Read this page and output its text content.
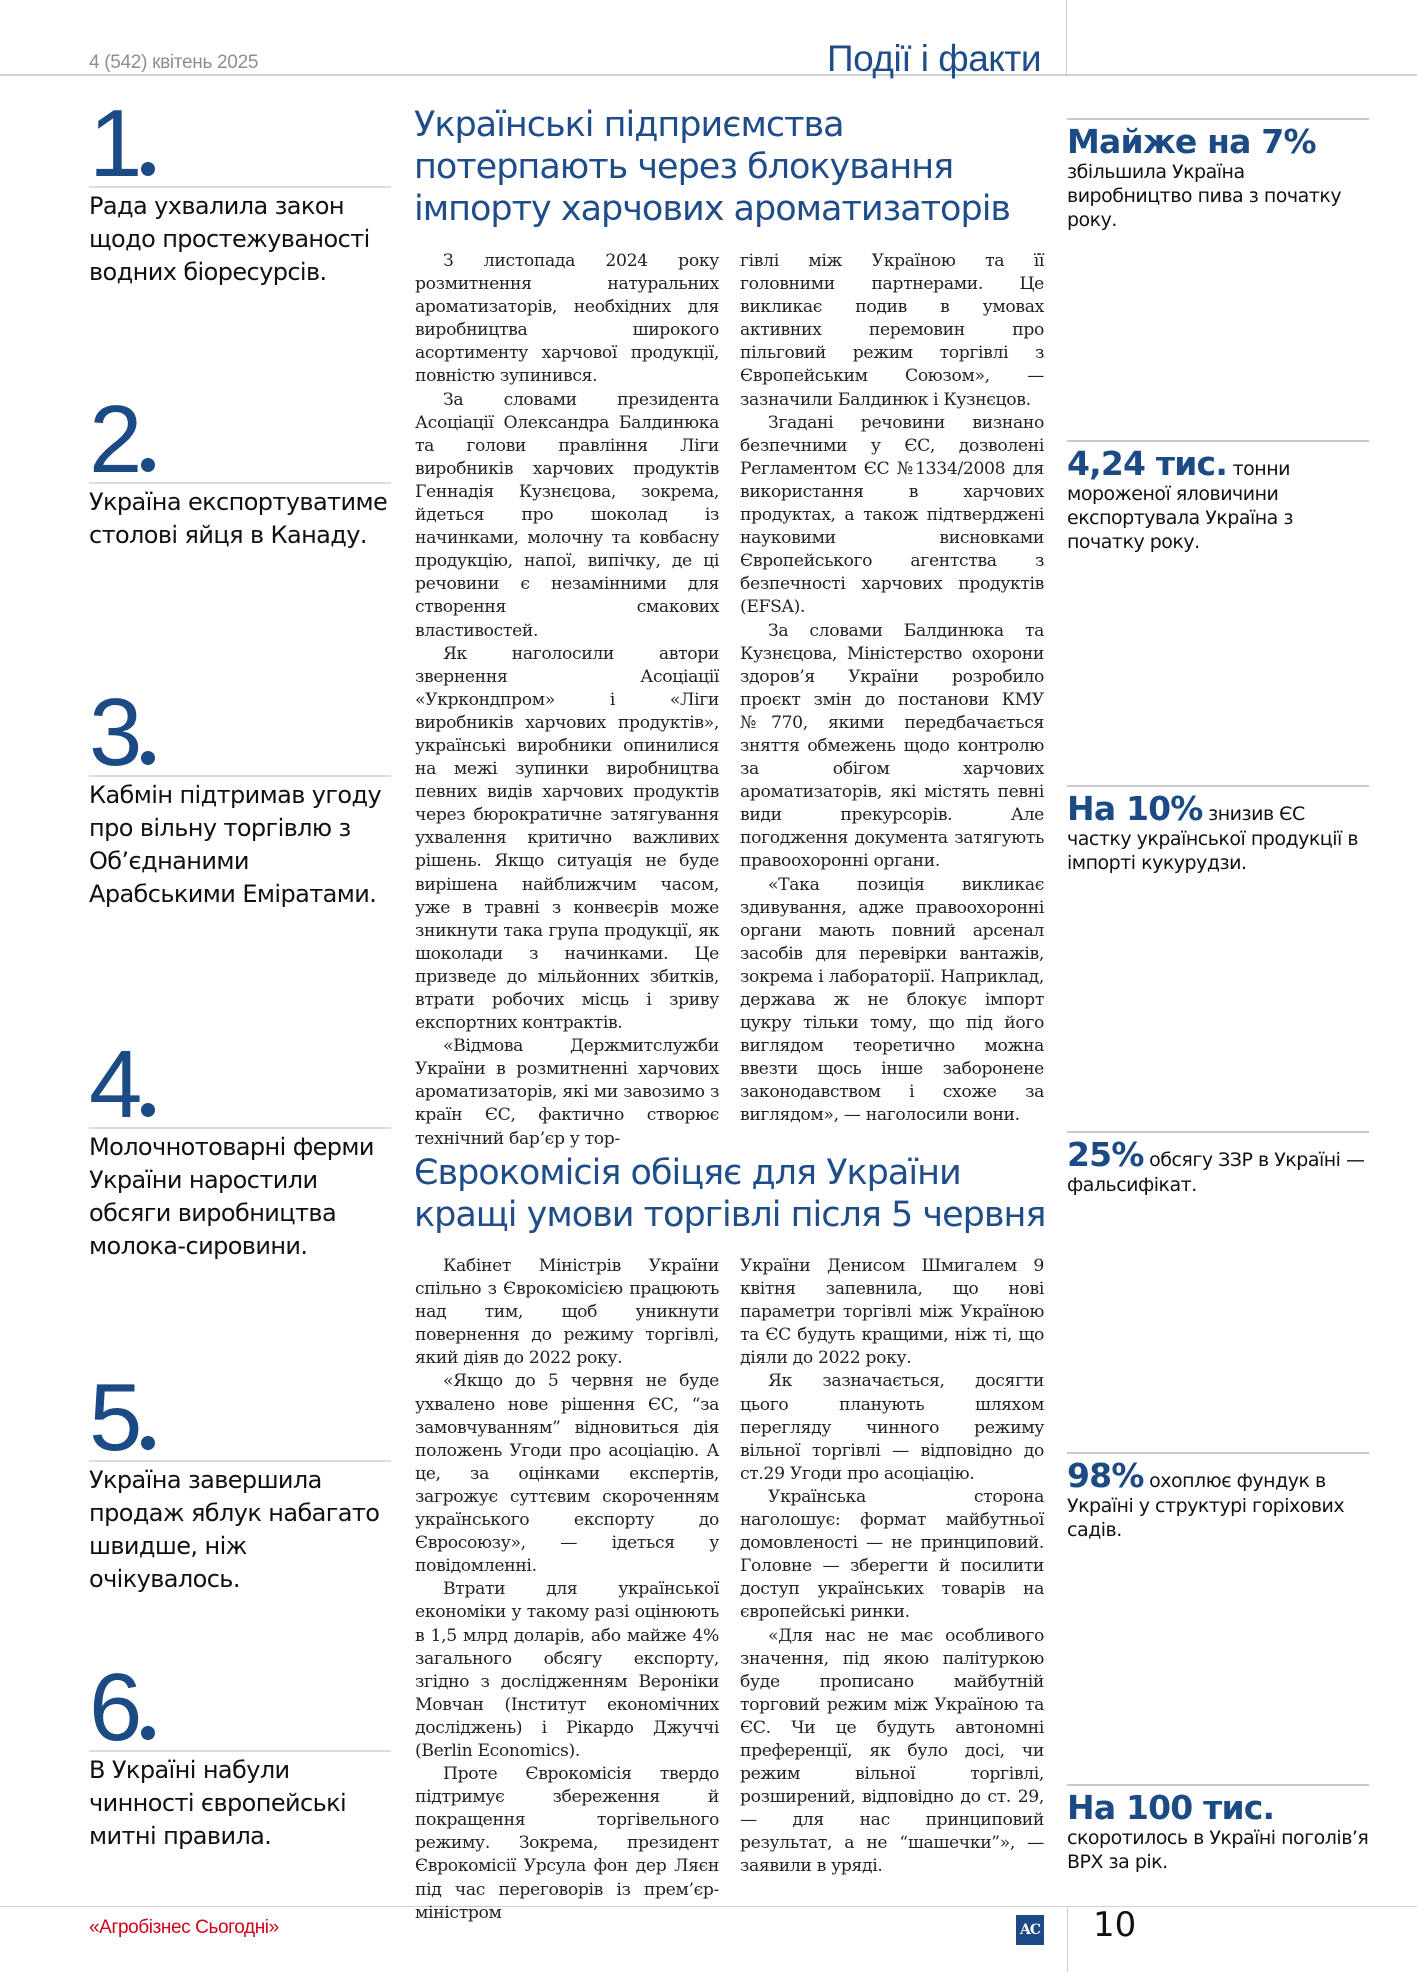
4 (542) квітень 2025	Події і факти
1
Рада ухвалила закон щодо простежуваності водних біоресурсів.
2
Україна експортуватиме столові яйця в Канаду.
3
Кабмін підтримав угоду про вільну торгівлю з Об’єднаними Арабськими Еміратами.
4
Молочнотоварні ферми України наростили обсяги виробництва молока-сировини.
5
Україна завершила продаж яблук набагато швидше, ніж очікувалось.
6
В Україні набули чинності європейські митні правила.
Українські підприємства потерпають через блокування імпорту харчових ароматизаторів

З листопада 2024 року розмитнення натуральних ароматизаторів, необхідних для виробництва широкого асортименту харчової продукції, повністю зупинився.

За словами президента Асоціації Олександра Балдинюка та голови правління Ліги виробників харчових продуктів Геннадія Кузнєцова, зокрема, йдеться про шоколад із начинками, молочну та ковбасну продукцію, напої, випічку, де ці речовини є незамінними для створення смакових властивостей.

Як наголосили автори звернення Асоціації «Укркондпром» і «Ліги виробників харчових продуктів», українські виробники опинилися на межі зупинки виробництва певних видів харчових продуктів через бюрократичне затягування ухвалення критично важливих рішень. Якщо ситуація не буде вирішена найближчим часом, уже в травні з конвеєрів може зникнути така група продукції, як шоколади з начинками. Це призведе до мільйонних збитків, втрати робочих місць і зриву експортних контрактів.

«Відмова Держмитслужби України в розмитненні харчових ароматизаторів, які ми завозимо з країн ЄС, фактично створює технічний бар’єр у тор-

гівлі між Україною та її головними партнерами. Це викликає подив в умовах активних перемовин про пільговий режим торгівлі з Європейським Союзом», — зазначили Балдинюк і Кузнєцов.

Згадані речовини визнано безпечними у ЄС, дозволені Регламентом ЄС №1334/2008 для використання в харчових продуктах, а також підтверджені науковими висновками Європейського агентства з безпечності харчових продуктів (EFSA).

За словами Балдинюка та Кузнєцова, Міністерство охорони здоров’я України розробило проєкт змін до постанови КМУ №770, якими передбачається зняття обмежень щодо контролю за обігом харчових ароматизаторів, які містять певні види прекурсорів. Але погодження документа затягують правоохоронні органи.

«Така позиція викликає здивування, адже правоохоронні органи мають повний арсенал засобів для перевірки вантажів, зокрема і лабораторії. Наприклад, держава ж не блокує імпорт цукру тільки тому, що під його виглядом теоретично можна ввезти щось інше заборонене законодавством і схоже за виглядом», — наголосили вони.

Єврокомісія обіцяє для України кращі умови торгівлі після 5 червня

Кабінет Міністрів України спільно з Єврокомісією працюють над тим, щоб уникнути повернення до режиму торгівлі, який діяв до 2022 року.

«Якщо до 5 червня не буде ухвалено нове рішення ЄС, “за замовчуванням” відновиться дія положень Угоди про асоціацію. А це, за оцінками експертів, загрожує суттєвим скороченням українського експорту до Євросоюзу», — ідеться у повідомленні.

Втрати для української економіки у такому разі оцінюють в 1,5 млрд доларів, або майже 4% загального обсягу експорту, згідно з дослідженням Вероніки Мовчан (Інститут економічних досліджень) і Рікардо Джуччі (Berlin Economics).

Проте Єврокомісія твердо підтримує збереження й покращення торгівельного режиму. Зокрема, президент Єврокомісії Урсула фон дер Ляєн під час переговорів із прем’єр-міністром

України Денисом Шмигалем 9 квітня запевнила, що нові параметри торгівлі між Україною та ЄС будуть кращими, ніж ті, що діяли до 2022 року.

Як зазначається, досягти цього планують шляхом перегляду чинного режиму вільної торгівлі — відповідно до ст.29 Угоди про асоціацію.

Українська сторона наголошує: формат майбутньої домовленості — не принциповий. Головне — зберегти й посилити доступ українських товарів на європейські ринки.

«Для нас не має особливого значення, під якою палітуркою буде прописано майбутній торговий режим між Україною та ЄС. Чи це будуть автономні преференції, як було досі, чи режим вільної торгівлі, розширений, відповідно до ст. 29, — для нас принциповий результат, а не “шашечки”», — заявили в уряді.

Майже на 7%
збільшила Україна виробництво пива з початку року.
4,24 тис. тонни мороженої яловичини експортувала Україна з початку року.
На 10% знизив ЄС частку української продукції в імпорті кукурудзи.
25% обсягу ЗЗР в Україні — фальсифікат.
98% охоплює фундук в Україні у структурі горіхових садів.
На 100 тис.
скоротилось в Україні поголів’я ВРХ за рік.
«Агробізнес Сьогодні»	AC 10
